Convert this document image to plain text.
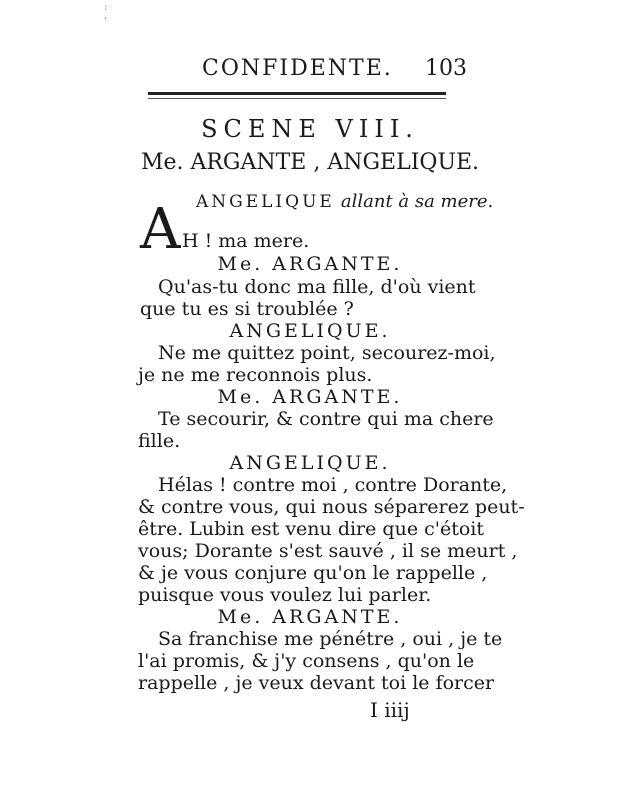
:
·
CONFIDENTE. 103
SCENE VIII.
Me. ARGANTE , ANGELIQUE.
ANGELIQUE allant à sa mere.
A H ! ma mere.
Me. ARGANTE.
Qu'as-tu donc ma fille, d'où vient
que tu es si troublée ?
ANGELIQUE.
Ne me quittez point, secourez-moi,
je ne me reconnois plus.
Me. ARGANTE.
Te secourir, & contre qui ma chere
fille.
ANGELIQUE.
Hélas ! contre moi , contre Dorante,
& contre vous, qui nous séparerez peut-
être. Lubin est venu dire que c'étoit
vous; Dorante s'est sauvé , il se meurt ,
& je vous conjure qu'on le rappelle ,
puisque vous voulez lui parler.
Me. ARGANTE.
Sa franchise me pénétre , oui , je te
l'ai promis, & j'y consens , qu'on le
rappelle , je veux devant toi le forcer
I iiij
